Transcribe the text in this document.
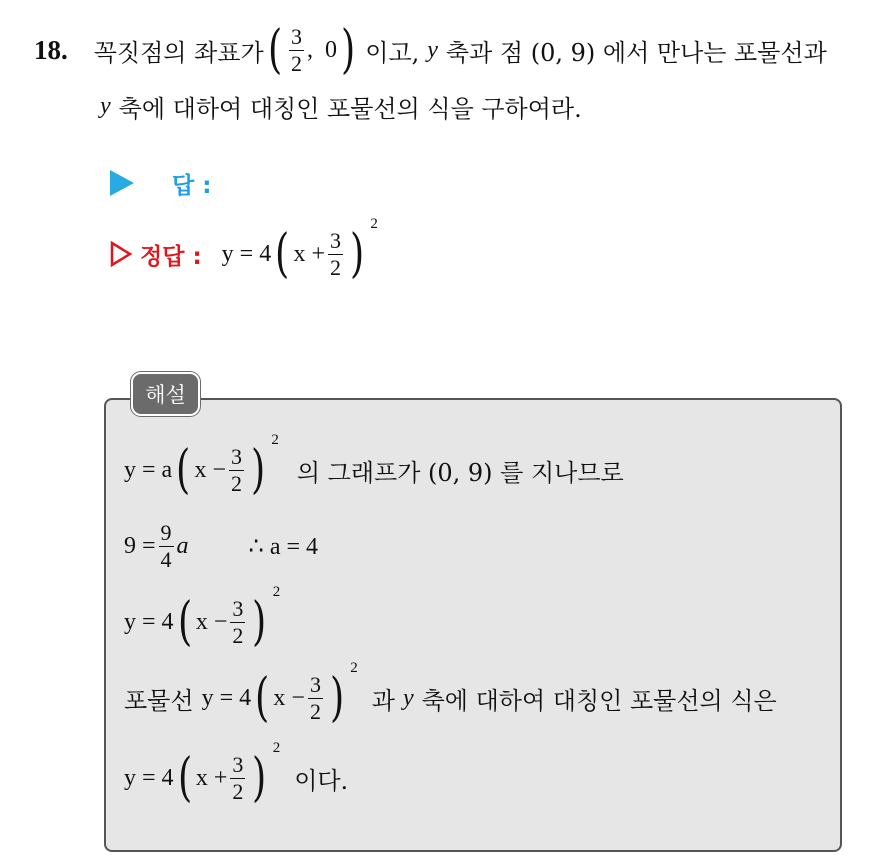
18. 꼭짓점의 좌표가 ( $\frac{3}{2}$ , 0 ) 이고, y 축과 점 (0, 9) 에서 만나는 포물선과
y 축에 대하여 대칭인 포물선의 식을 구하여라.
답 :
정답 : y = 4 ( $x + \frac{3}{2}$ ) 2
해설
y = a ( $x - \frac{3}{2}$ ) 2
의 그래프가 (0, 9) 를 지나므로
$9 = \frac{9}{4}$ a	∴ a = 4
y = 4 ( $x - \frac{3}{2}$ ) 2
포물선 y = 4 ( $x - \frac{3}{2}$ ) 2
과 y 축에 대하여 대칭인 포물선의 식은
y = 4 ( $x + \frac{3}{2}$ ) 2
이다.
